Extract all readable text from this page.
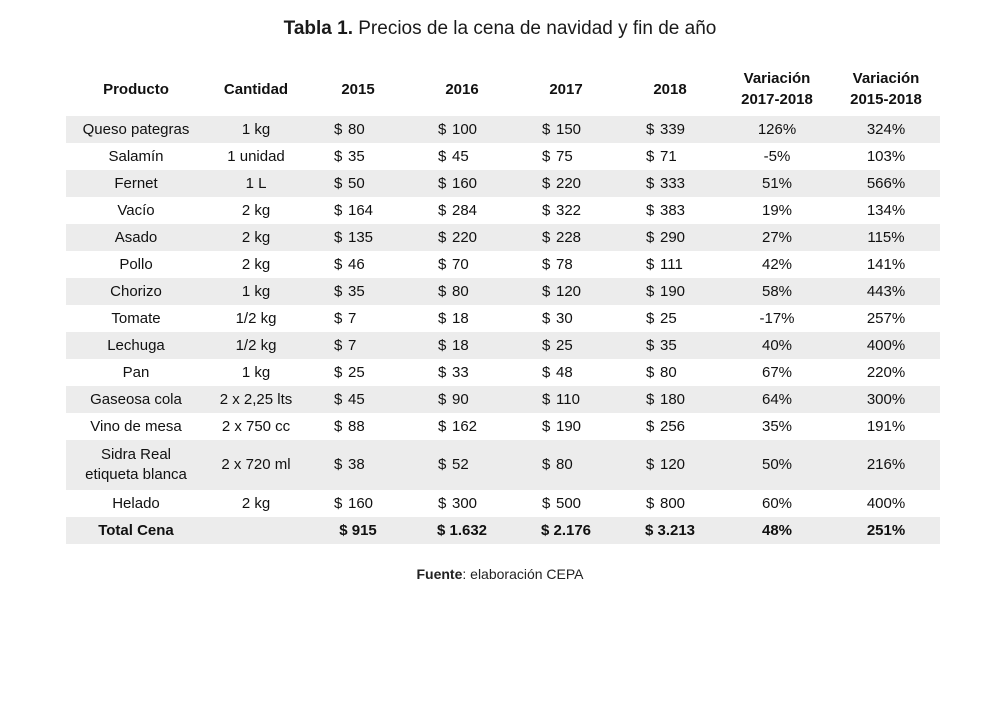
Tabla 1. Precios de la cena de navidad y fin de año
Producto	Cantidad	2015	2016	2017	2018	Variación 2017-2018	Variación 2015-2018
Queso pategras	1 kg	$ 80	$ 100	$ 150	$ 339	126%	324%
Salamín	1 unidad	$ 35	$ 45	$ 75	$ 71	-5%	103%
Fernet	1 L	$ 50	$ 160	$ 220	$ 333	51%	566%
Vacío	2 kg	$ 164	$ 284	$ 322	$ 383	19%	134%
Asado	2 kg	$ 135	$ 220	$ 228	$ 290	27%	115%
Pollo	2 kg	$ 46	$ 70	$ 78	$ 111	42%	141%
Chorizo	1 kg	$ 35	$ 80	$ 120	$ 190	58%	443%
Tomate	1/2 kg	$ 7	$ 18	$ 30	$ 25	-17%	257%
Lechuga	1/2 kg	$ 7	$ 18	$ 25	$ 35	40%	400%
Pan	1 kg	$ 25	$ 33	$ 48	$ 80	67%	220%
Gaseosa cola	2 x 2,25 lts	$ 45	$ 90	$ 110	$ 180	64%	300%
Vino de mesa	2 x 750 cc	$ 88	$ 162	$ 190	$ 256	35%	191%
Sidra Real
etiqueta blanca	2 x 720 ml	$ 38	$ 52	$ 80	$ 120	50%	216%
Helado	2 kg	$ 160	$ 300	$ 500	$ 800	60%	400%
Total Cena		$ 915	$ 1.632	$ 2.176	$ 3.213	48%	251%
Fuente: elaboración CEPA
